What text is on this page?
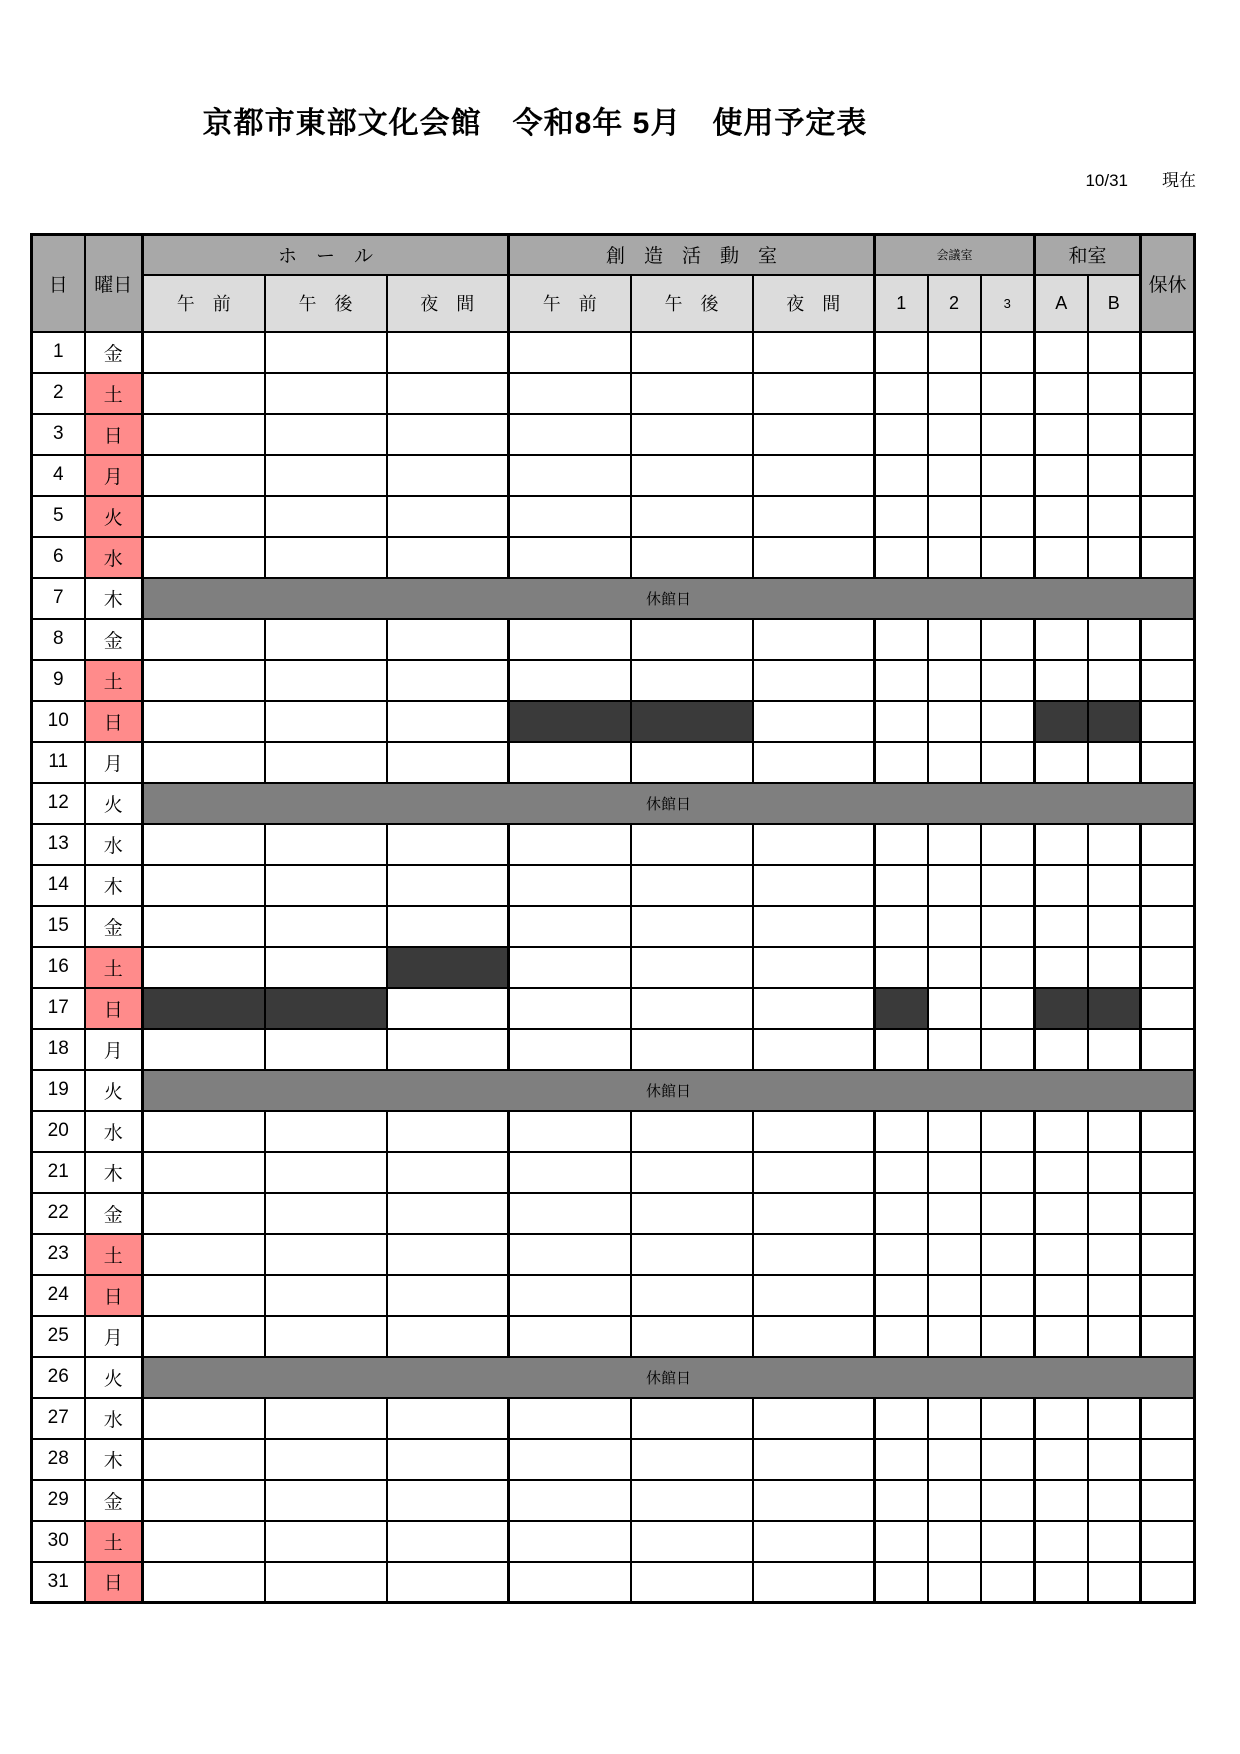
京都市東部文化会館　令和8年 5月　使用予定表
10/31 現在
日	曜日	ホ　ー　ル			創　造　活　動　室			会議室			和室		保休
		午　前	午　後	夜　間	午　前	午　後	夜　間	1	2	3	A	B	
1	金												
2	土												
3	日												
4	月												
5	火												
6	水												
7	木	休館日											
8	金												
9	土												
10	日												
11	月												
12	火	休館日											
13	水												
14	木												
15	金												
16	土												
17	日												
18	月												
19	火	休館日											
20	水												
21	木												
22	金												
23	土												
24	日												
25	月												
26	火	休館日											
27	水												
28	木												
29	金												
30	土												
31	日												
